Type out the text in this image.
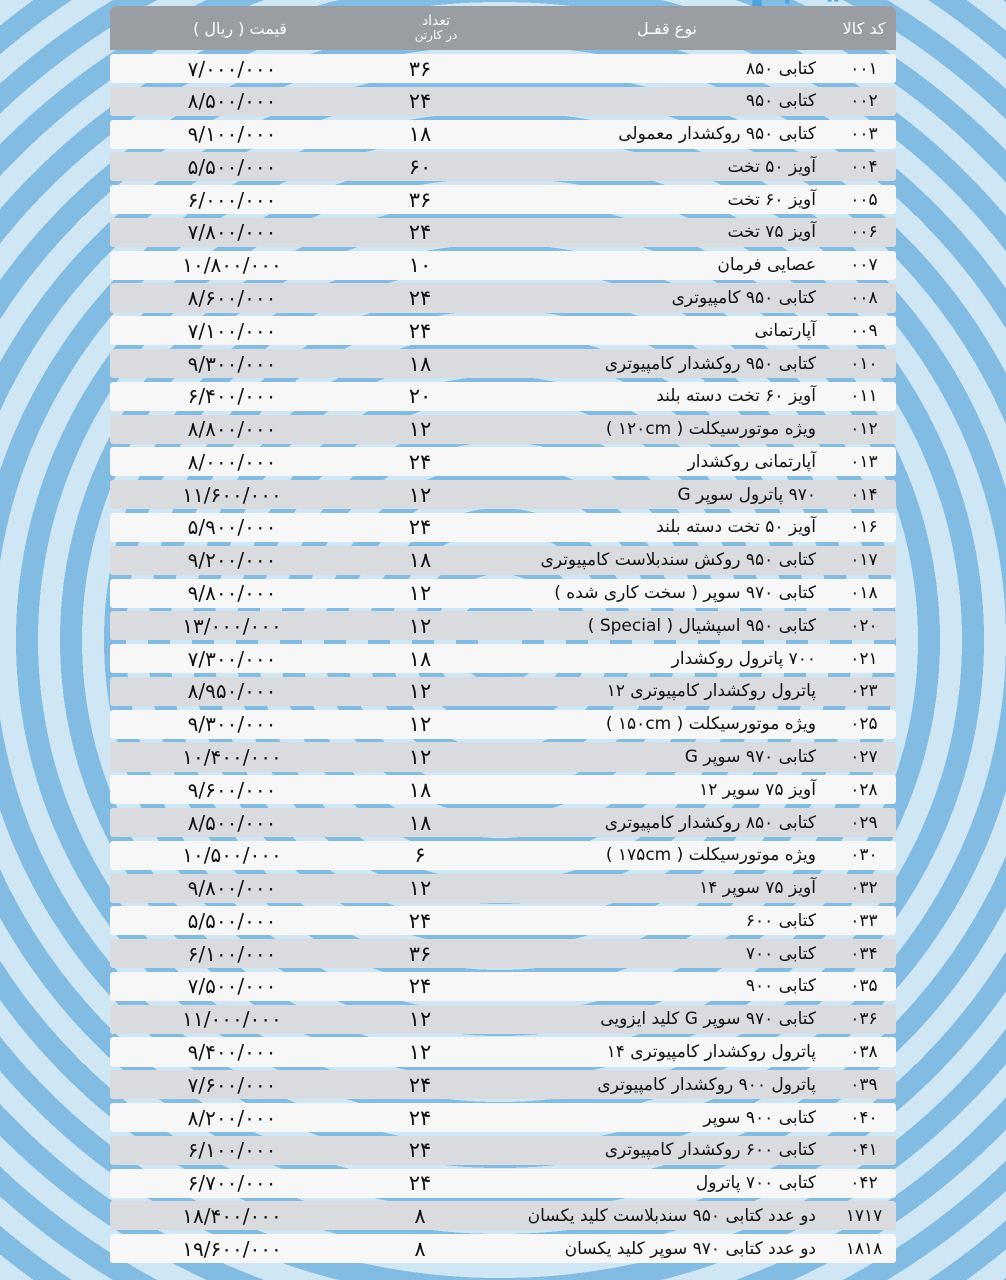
کد کالا
نوع قفـل
تعداد
در کارتن
قیمت ( ریال )
۰۰۱
کتابی ۸۵۰
۳۶
۷/۰۰۰/۰۰۰
۰۰۲
کتابی ۹۵۰
۲۴
۸/۵۰۰/۰۰۰
۰۰۳
کتابی ۹۵۰ روکشدار معمولی
۱۸
۹/۱۰۰/۰۰۰
۰۰۴
آویز ۵۰ تخت
۶۰
۵/۵۰۰/۰۰۰
۰۰۵
آویز ۶۰ تخت
۳۶
۶/۰۰۰/۰۰۰
۰۰۶
آویز ۷۵ تخت
۲۴
۷/۸۰۰/۰۰۰
۰۰۷
عصایی فرمان
۱۰
۱۰/۸۰۰/۰۰۰
۰۰۸
کتابی ۹۵۰ کامپیوتری
۲۴
۸/۶۰۰/۰۰۰
۰۰۹
آپارتمانی
۲۴
۷/۱۰۰/۰۰۰
۰۱۰
کتابی ۹۵۰ روکشدار کامپیوتری
۱۸
۹/۳۰۰/۰۰۰
۰۱۱
آویز ۶۰ تخت دسته بلند
۲۰
۶/۴۰۰/۰۰۰
۰۱۲
ویژه موتورسیکلت ( ۱۲۰cm )
۱۲
۸/۸۰۰/۰۰۰
۰۱۳
آپارتمانی روکشدار
۲۴
۸/۰۰۰/۰۰۰
۰۱۴
۹۷۰ پاترول سوپر G
۱۲
۱۱/۶۰۰/۰۰۰
۰۱۶
آویز ۵۰ تخت دسته بلند
۲۴
۵/۹۰۰/۰۰۰
۰۱۷
کتابی ۹۵۰ روکش سندبلاست کامپیوتری
۱۸
۹/۲۰۰/۰۰۰
۰۱۸
کتابی ۹۷۰ سوپر ( سخت کاری شده )
۱۲
۹/۸۰۰/۰۰۰
۰۲۰
کتابی ۹۵۰ اسپشیال ( Special )
۱۲
۱۳/۰۰۰/۰۰۰
۰۲۱
۷۰۰ پاترول روکشدار
۱۸
۷/۳۰۰/۰۰۰
۰۲۳
پاترول روکشدار کامپیوتری ۱۲
۱۲
۸/۹۵۰/۰۰۰
۰۲۵
ویژه موتورسیکلت ( ۱۵۰cm )
۱۲
۹/۳۰۰/۰۰۰
۰۲۷
کتابی ۹۷۰ سوپر G
۱۲
۱۰/۴۰۰/۰۰۰
۰۲۸
آویز ۷۵ سوپر ۱۲
۱۸
۹/۶۰۰/۰۰۰
۰۲۹
کتابی ۸۵۰ روکشدار کامپیوتری
۱۸
۸/۵۰۰/۰۰۰
۰۳۰
ویژه موتورسیکلت ( ۱۷۵cm )
۶
۱۰/۵۰۰/۰۰۰
۰۳۲
آویز ۷۵ سوپر ۱۴
۱۲
۹/۸۰۰/۰۰۰
۰۳۳
کتابی ۶۰۰
۲۴
۵/۵۰۰/۰۰۰
۰۳۴
کتابی ۷۰۰
۳۶
۶/۱۰۰/۰۰۰
۰۳۵
کتابی ۹۰۰
۲۴
۷/۵۰۰/۰۰۰
۰۳۶
کتابی ۹۷۰ سوپر G کلید ایزویی
۱۲
۱۱/۰۰۰/۰۰۰
۰۳۸
پاترول روکشدار کامپیوتری ۱۴
۱۲
۹/۴۰۰/۰۰۰
۰۳۹
پاترول ۹۰۰ روکشدار کامپیوتری
۲۴
۷/۶۰۰/۰۰۰
۰۴۰
کتابی ۹۰۰ سوپر
۲۴
۸/۲۰۰/۰۰۰
۰۴۱
کتابی ۶۰۰ روکشدار کامپیوتری
۲۴
۶/۱۰۰/۰۰۰
۰۴۲
کتابی ۷۰۰ پاترول
۲۴
۶/۷۰۰/۰۰۰
۱۷۱۷
دو عدد کتابی ۹۵۰ سندبلاست کلید یکسان
۸
۱۸/۴۰۰/۰۰۰
۱۸۱۸
دو عدد کتابی ۹۷۰ سوپر کلید یکسان
۸
۱۹/۶۰۰/۰۰۰
